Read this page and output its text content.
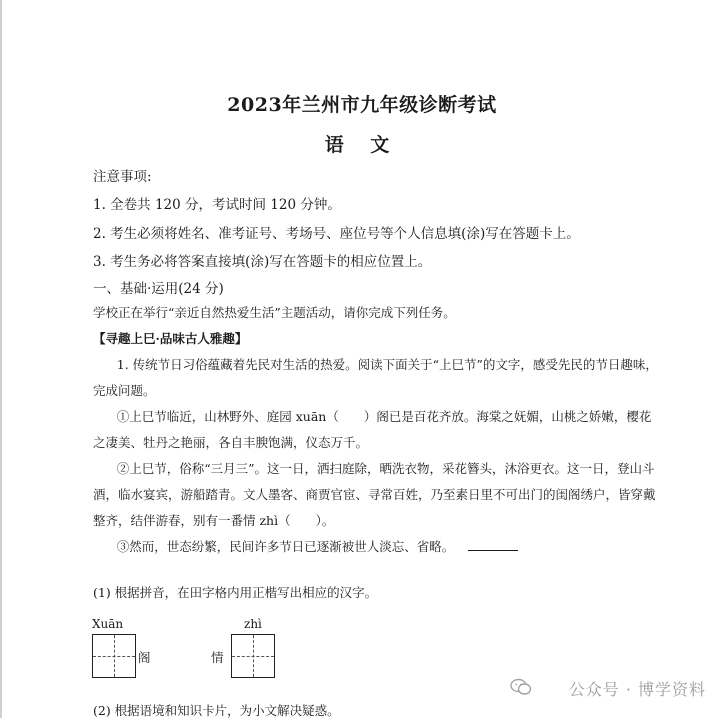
2023年兰州市九年级诊断考试
语 文
注意事项:
1. 全卷共 120 分，考试时间 120 分钟。
2. 考生必须将姓名、准考证号、考场号、座位号等个人信息填(涂)写在答题卡上。
3. 考生务必将答案直接填(涂)写在答题卡的相应位置上。
一、基础·运用(24 分)
学校正在举行“亲近自然热爱生活”主题活动，请你完成下列任务。
【寻趣上巳·品味古人雅趣】
1. 传统节日习俗蕴藏着先民对生活的热爱。阅读下面关于“上巳节”的文字，感受先民的节日趣味，完成问题。
①上巳节临近，山林野外、庭园 xuān（　　）阁已是百花齐放。海棠之妩媚，山桃之娇嫩，樱花之凄美、牡丹之艳丽，各自丰腴饱满，仪态万千。
②上巳节，俗称“三月三”。这一日，洒扫庭除，晒洗衣物，采花簪头，沐浴更衣。这一日，登山斗酒，临水宴宾，游船踏青。文人墨客、商贾官宦、寻常百姓，乃至素日里不可出门的闺阁绣户，皆穿戴整齐，结伴游春，别有一番情 zhì（　　）。
③然而，世态纷繁，民间许多节日已逐渐被世人淡忘、省略。
(1) 根据拼音，在田字格内用正楷写出相应的汉字。
Xuān
阁	情
zhì
(2) 根据语境和知识卡片，为小文解决疑惑。
公众号 · 博学资料
